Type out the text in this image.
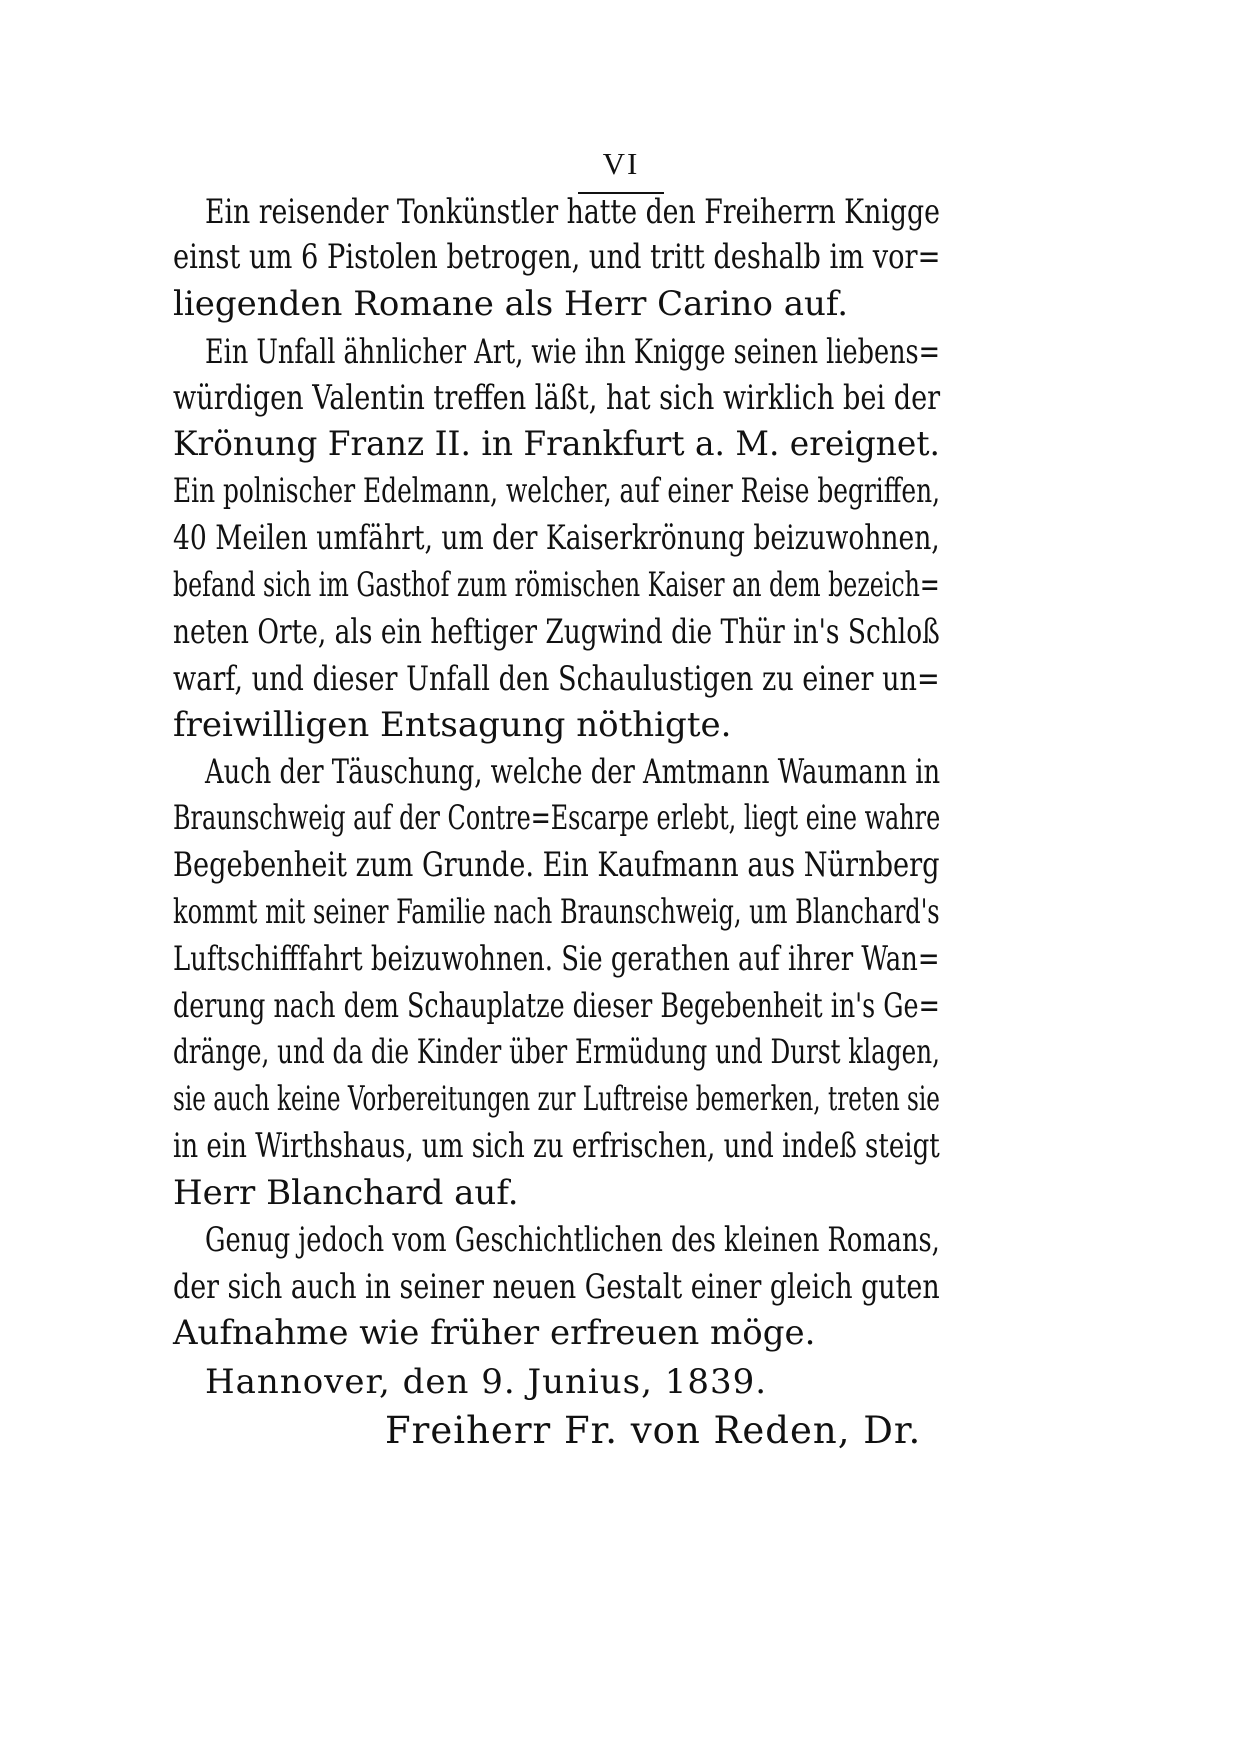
VI
Ein reisender Tonkünstler hatte den Freiherrn Knigge
einst um 6 Pistolen betrogen, und tritt deshalb im vor=
liegenden Romane als Herr Carino auf.
Ein Unfall ähnlicher Art, wie ihn Knigge seinen liebens=
würdigen Valentin treffen läßt, hat sich wirklich bei der
Krönung Franz II. in Frankfurt a. M. ereignet.
Ein polnischer Edelmann, welcher, auf einer Reise begriffen,
40 Meilen umfährt, um der Kaiserkrönung beizuwohnen,
befand sich im Gasthof zum römischen Kaiser an dem bezeich=
neten Orte, als ein heftiger Zugwind die Thür in's Schloß
warf, und dieser Unfall den Schaulustigen zu einer un=
freiwilligen Entsagung nöthigte.
Auch der Täuschung, welche der Amtmann Waumann in
Braunschweig auf der Contre=Escarpe erlebt, liegt eine wahre
Begebenheit zum Grunde. Ein Kaufmann aus Nürnberg
kommt mit seiner Familie nach Braunschweig, um Blanchard's
Luftschifffahrt beizuwohnen. Sie gerathen auf ihrer Wan=
derung nach dem Schauplatze dieser Begebenheit in's Ge=
dränge, und da die Kinder über Ermüdung und Durst klagen,
sie auch keine Vorbereitungen zur Luftreise bemerken, treten sie
in ein Wirthshaus, um sich zu erfrischen, und indeß steigt
Herr Blanchard auf.
Genug jedoch vom Geschichtlichen des kleinen Romans,
der sich auch in seiner neuen Gestalt einer gleich guten
Aufnahme wie früher erfreuen möge.
Hannover, den 9. Junius, 1839.
Freiherr Fr. von Reden, Dr.
